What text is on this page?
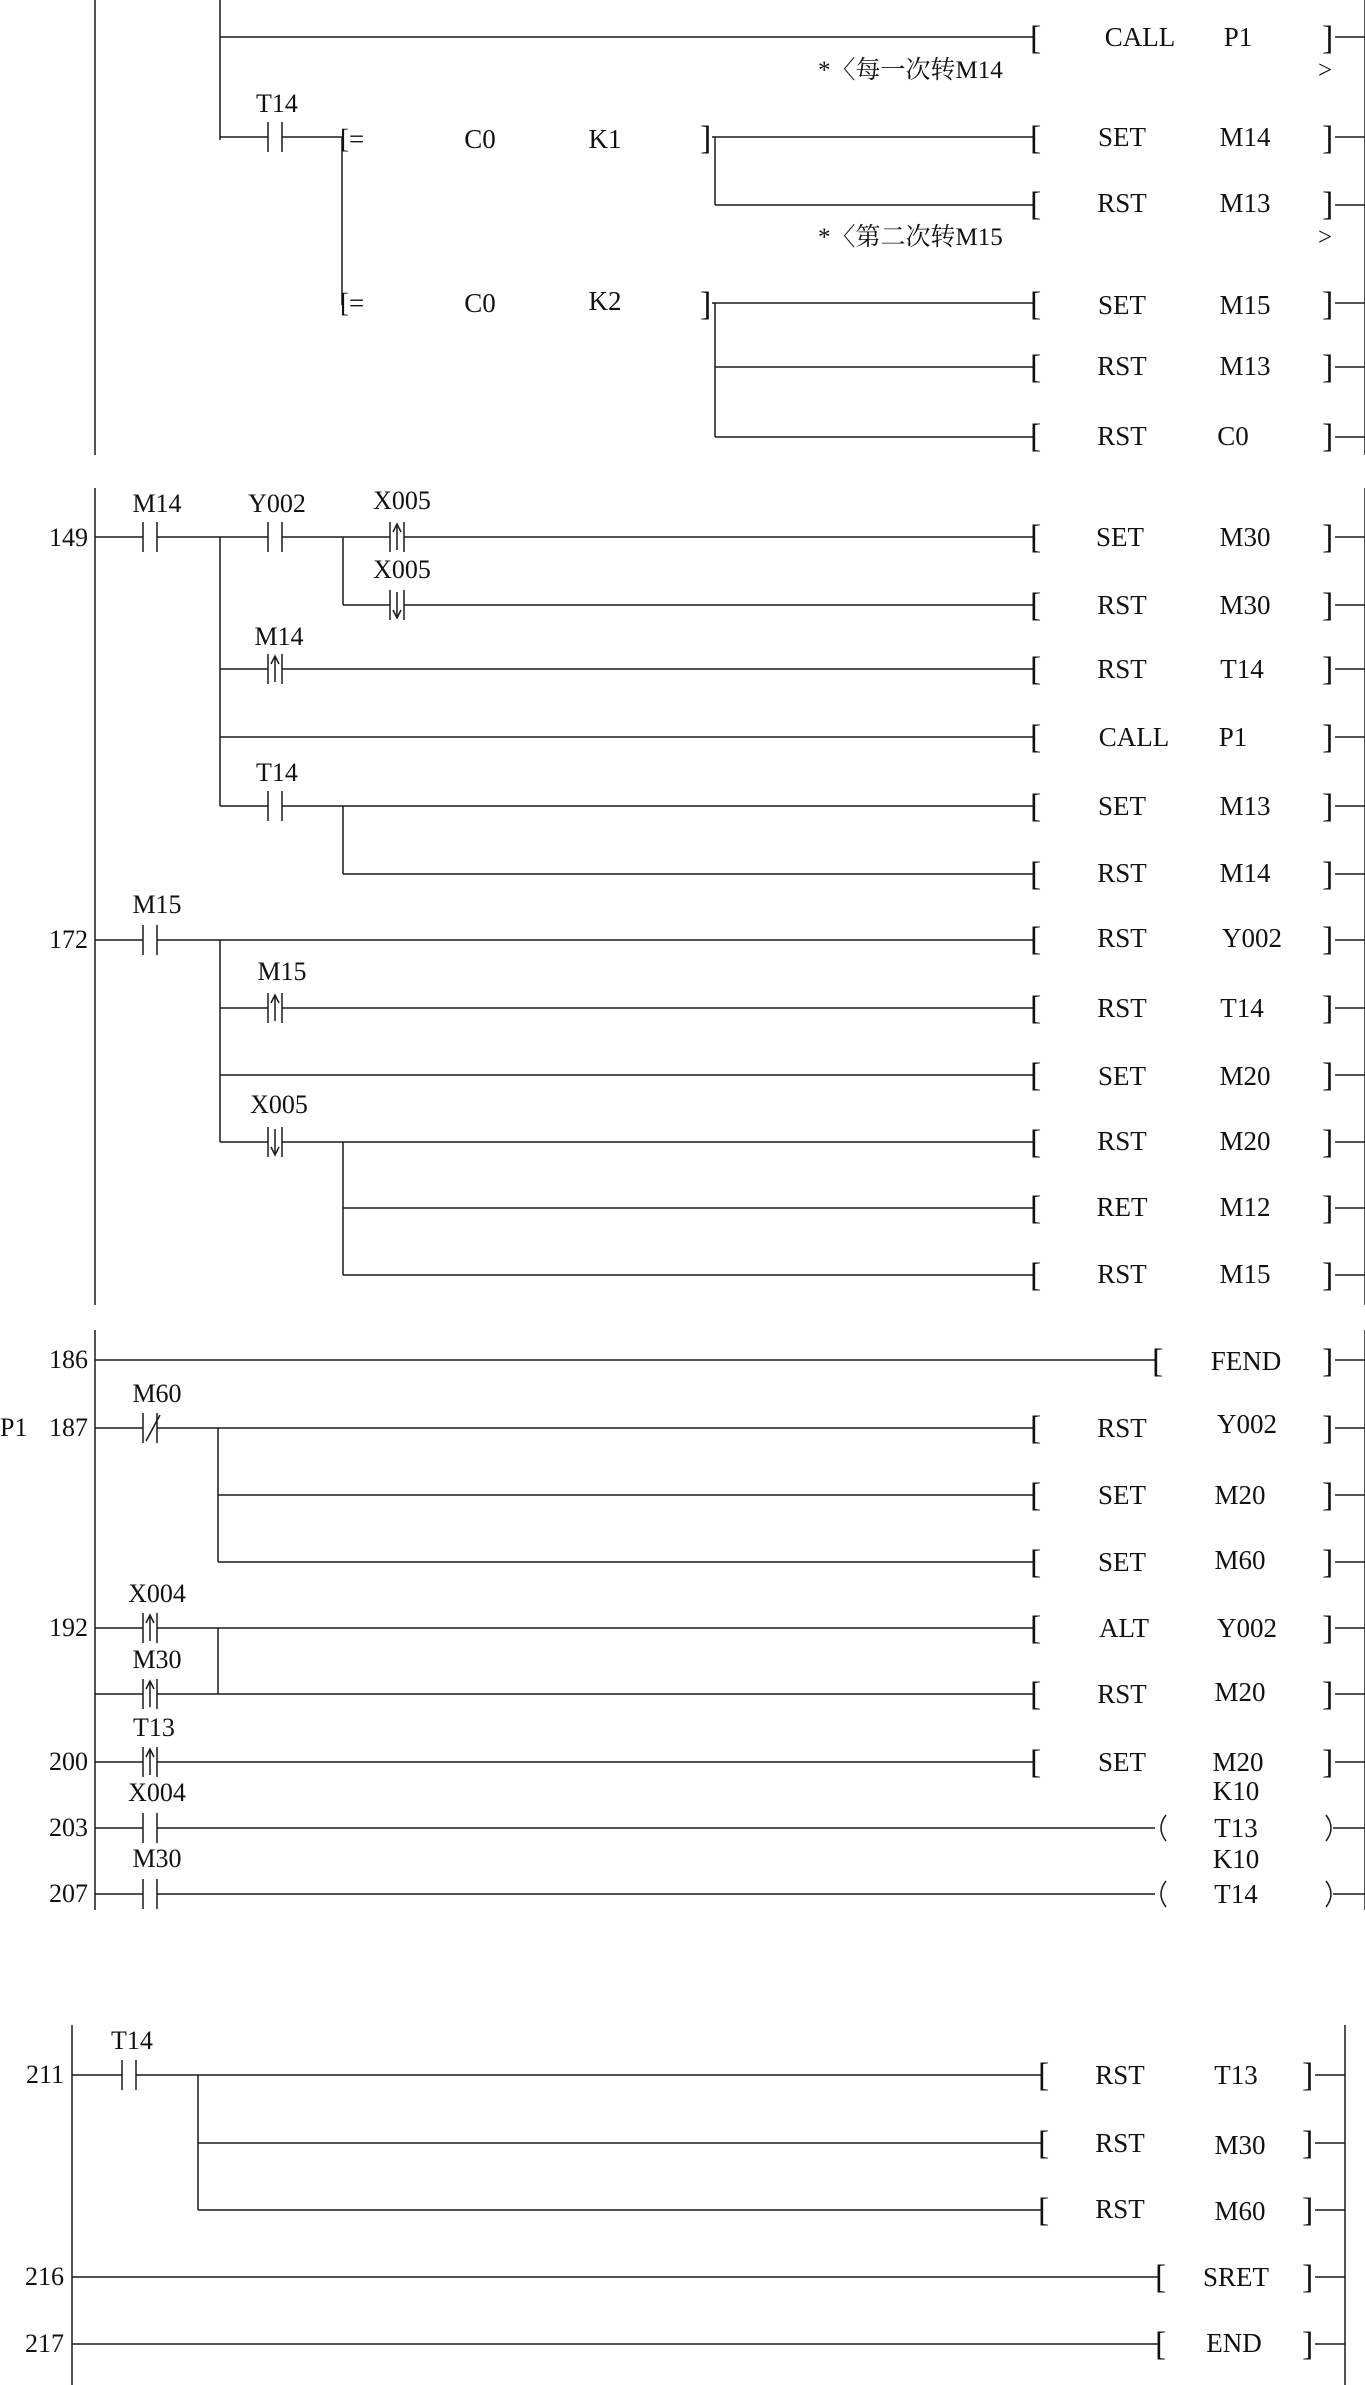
[ CALL P1 ]
*〈每一次转M14	>
T14
[=	C0	K1 ]	[ SET	M14 ]
[ RST	M13 ]
*〈第二次转M15	>
[=	C0	K2 ]	[ SET	M15 ]
[ RST	M13 ]
[ RST	C0 ]
149
M14	Y002	X005
[ SET	M30 ]
X005
[ RST	M30 ]
M14
[ RST	T14 ]
[ CALL P1 ]
T14
[ SET	M13 ]
[ RST	M14 ]
172
M15
[ RST	Y002 ]
M15
[ RST	T14 ]
[ SET	M20 ]
X005
[ RST	M20 ]
[ RET	M12 ]
[ RST	M15 ]
186	[ FEND ]
P1 187
M60
[ RST	Y002 ]
[ SET	M20 ]
[ SET	M60 ]
192
X004
[ ALT	Y002 ]
M30
[ RST	M20 ]
200
T13
[ SET M20 ]
203
X004	K10
T13
207
M30	K10
T14
211
T14
[ RST	T13 ]
[ RST	M30 ]
[ RST	M60 ]
216	[ SRET ]
217	[ END ]
